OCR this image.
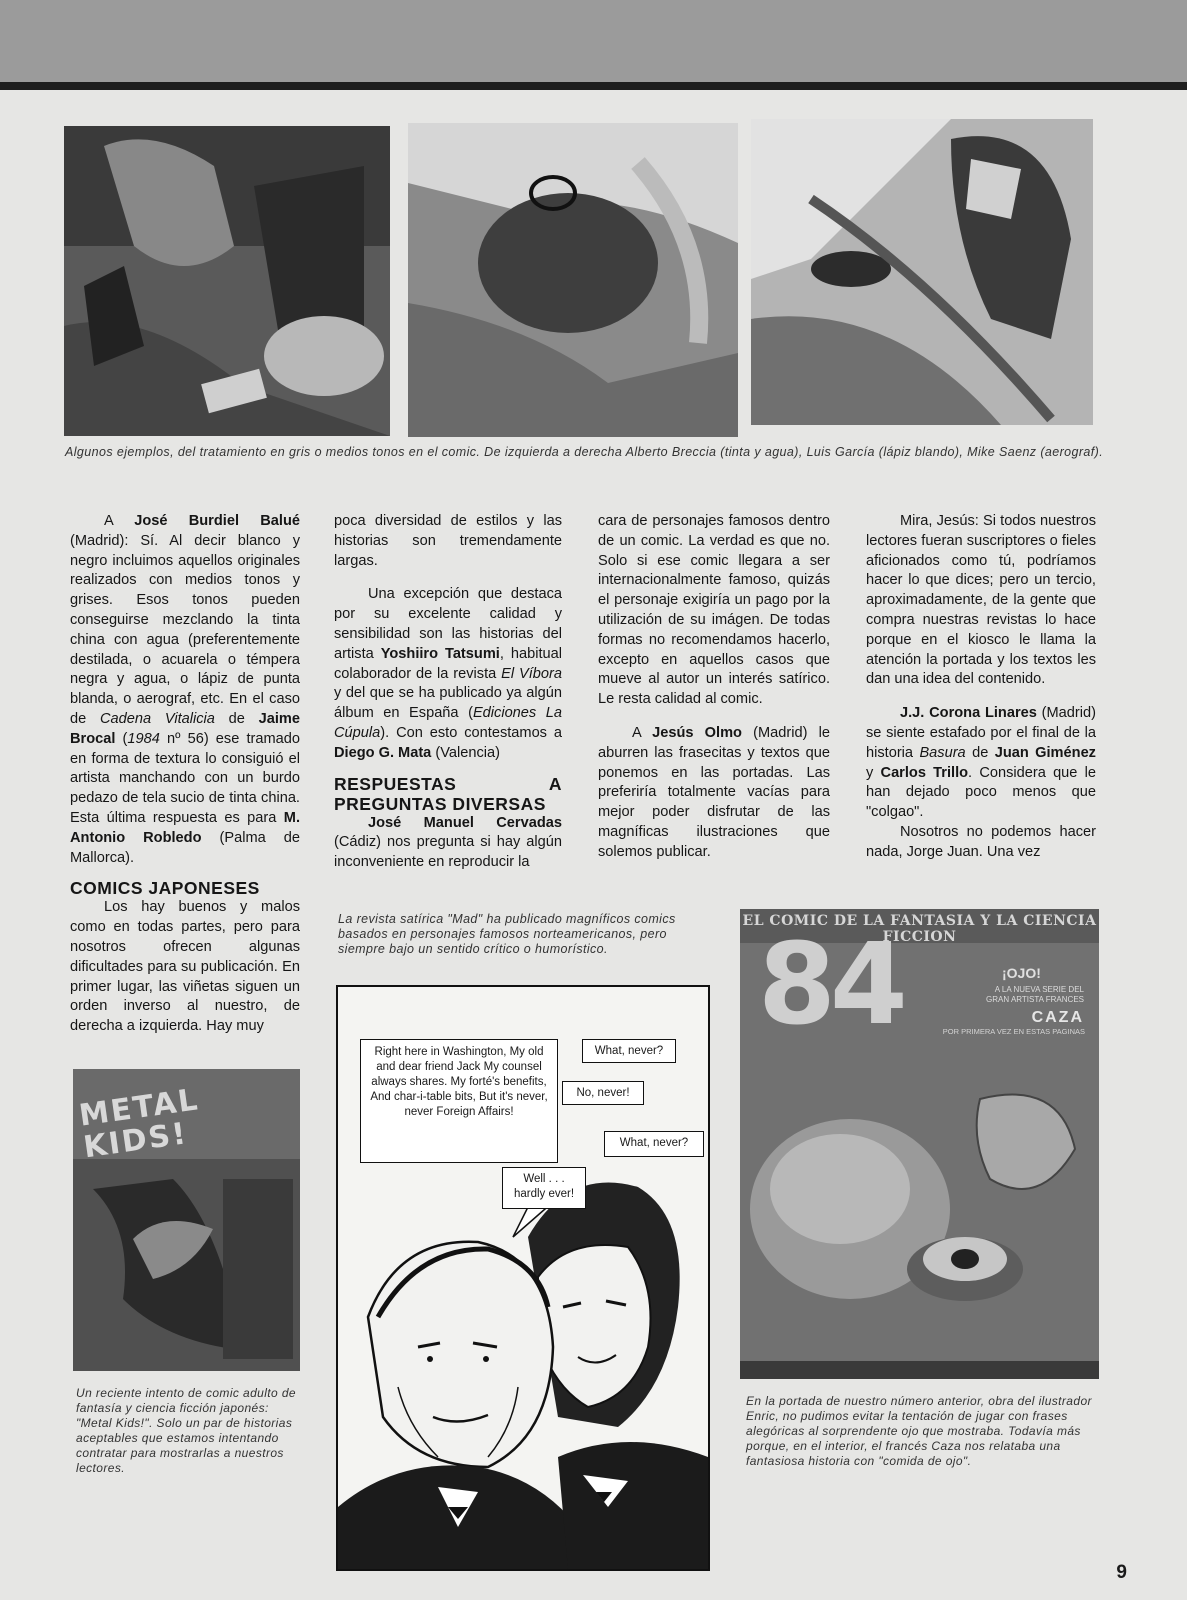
Algunos ejemplos, del tratamiento en gris o medios tonos en el comic. De izquierda a derecha Alberto Breccia (tinta y agua), Luis García (lápiz blando), Mike Saenz (aerograf).

A José Burdiel Balué (Madrid): Sí. Al decir blanco y negro incluimos aquellos originales realizados con medios tonos y grises. Esos tonos pueden conseguirse mezclando la tinta china con agua (preferentemente destilada, o acuarela o témpera negra y agua, o lápiz de punta blanda, o aerograf, etc. En el caso de Cadena Vitalicia de Jaime Brocal (1984 nº 56) ese tramado en forma de textura lo consiguió el artista manchando con un burdo pedazo de tela sucio de tinta china. Esta última respuesta es para M. Antonio Robledo (Palma de Mallorca).

COMICS JAPONESES

Los hay buenos y malos como en todas partes, pero para nosotros ofrecen algunas dificultades para su publicación. En primer lugar, las viñetas siguen un orden inverso al nuestro, de derecha a izquierda. Hay muy

poca diversidad de estilos y las historias son tremendamente largas.

Una excepción que destaca por su excelente calidad y sensibilidad son las historias del artista Yoshiiro Tatsumi, habitual colaborador de la revista El Víbora y del que se ha publicado ya algún álbum en España (Ediciones La Cúpula). Con esto contestamos a Diego G. Mata (Valencia)

RESPUESTAS A PREGUNTAS DIVERSAS

José Manuel Cervadas (Cádiz) nos pregunta si hay algún inconveniente en reproducir la

cara de personajes famosos dentro de un comic. La verdad es que no. Solo si ese comic llegara a ser internacionalmente famoso, quizás el personaje exigiría un pago por la utilización de su imágen. De todas formas no recomendamos hacerlo, excepto en aquellos casos que mueve al autor un interés satírico. Le resta calidad al comic.

A Jesús Olmo (Madrid) le aburren las frasecitas y textos que ponemos en las portadas. Las preferiría totalmente vacías para mejor poder disfrutar de las magníficas ilustraciones que solemos publicar.

Mira, Jesús: Si todos nuestros lectores fueran suscriptores o fieles aficionados como tú, podríamos hacer lo que dices; pero un tercio, aproximadamente, de la gente que compra nuestras revistas lo hace porque en el kiosco le llama la atención la portada y los textos les dan una idea del contenido.

J.J. Corona Linares (Madrid) se siente estafado por el final de la historia Basura de Juan Giménez y Carlos Trillo. Considera que le han dejado poco menos que "colgao".

Nosotros no podemos hacer nada, Jorge Juan. Una vez

La revista satírica "Mad" ha publicado magníficos comics basados en personajes famosos norteamericanos, pero siempre bajo un sentido crítico o humorístico.
Right here in Washington, My old and dear friend Jack My counsel always shares. My forté's benefits, And char-i-table bits, But it's never, never Foreign Affairs!
What, never?
No, never!
What, never?
Well . . . hardly ever!
METAL KIDS!
Un reciente intento de comic adulto de fantasía y ciencia ficción japonés: "Metal Kids!". Solo un par de historias aceptables que estamos intentando contratar para mostrarlas a nuestros lectores.
EL COMIC DE LA FANTASIA Y LA CIENCIA FICCION
84	¡OJO!
A LA NUEVA SERIE DEL GRAN ARTISTA FRANCES
CAZA
POR PRIMERA VEZ EN ESTAS PAGINAS
En la portada de nuestro número anterior, obra del ilustrador Enric, no pudimos evitar la tentación de jugar con frases alegóricas al sorprendente ojo que mostraba. Todavía más porque, en el interior, el francés Caza nos relataba una fantasiosa historia con "comida de ojo".
9
